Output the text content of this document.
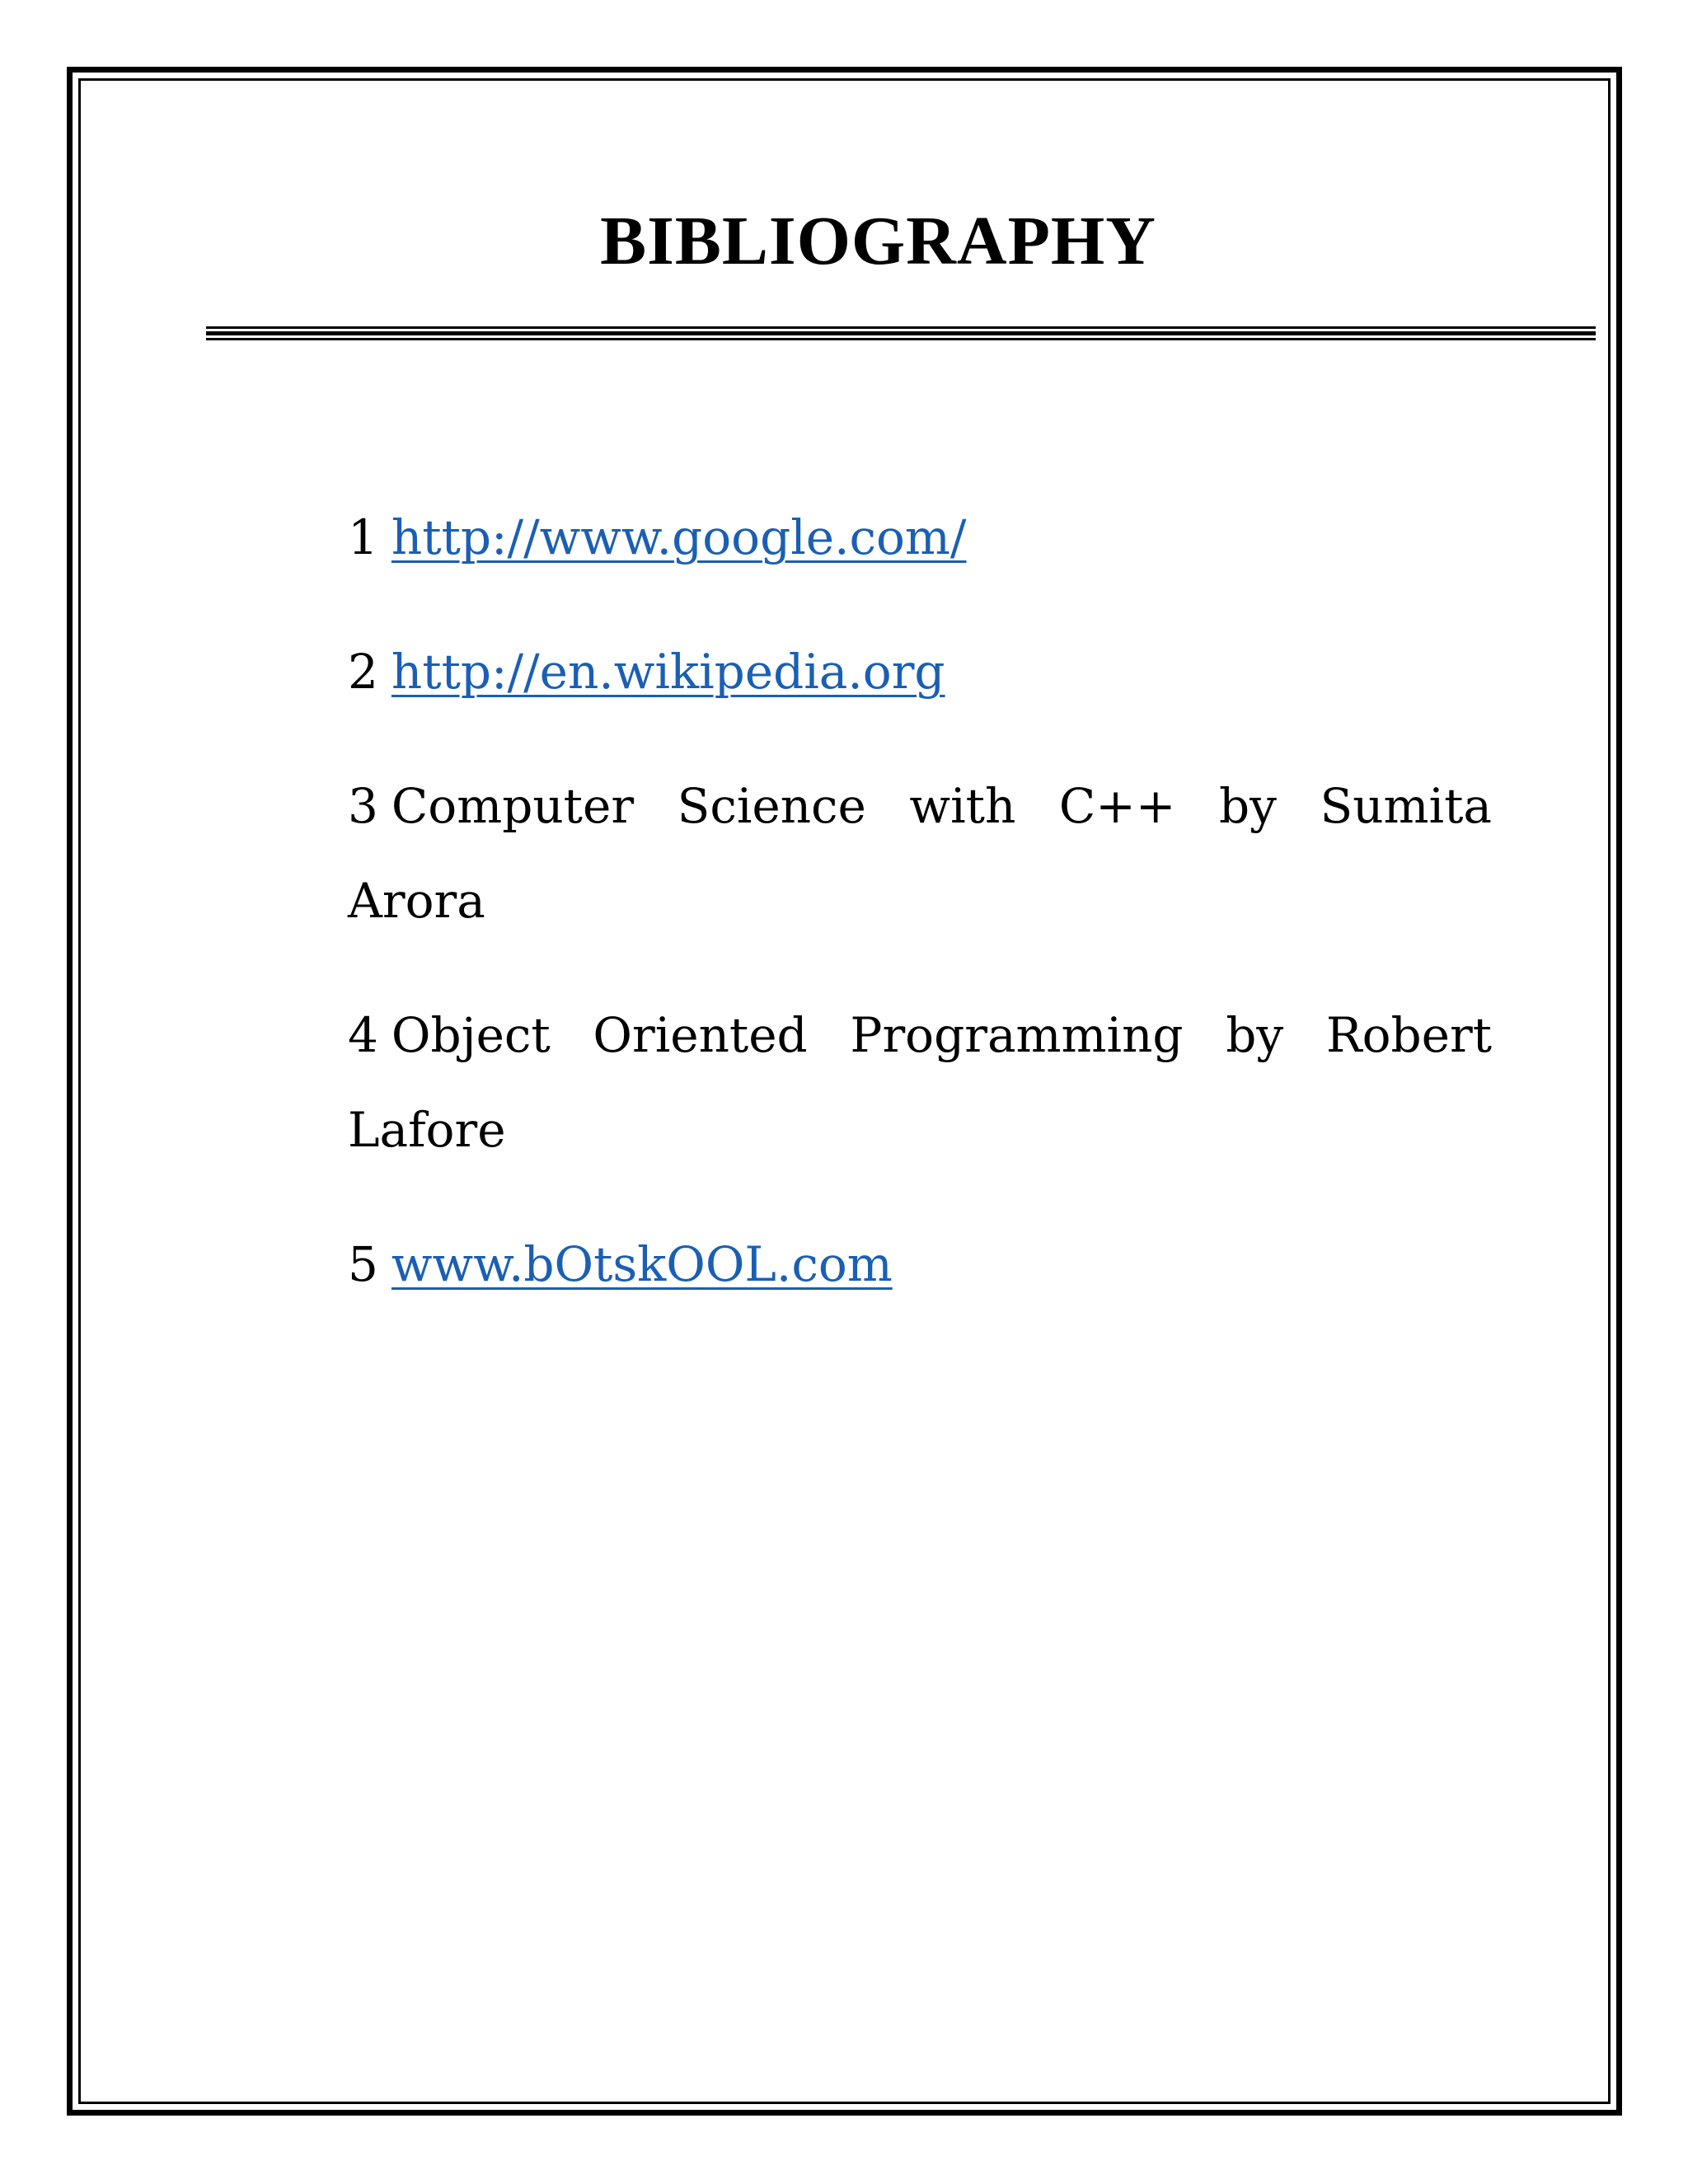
BIBLIOGRAPHY
1 http://www.google.com/
2 http://en.wikipedia.org
3 Computer Science with C++ by Sumita Arora
4 Object Oriented Programming by Robert Lafore
5 www.bOtskOOL.com
